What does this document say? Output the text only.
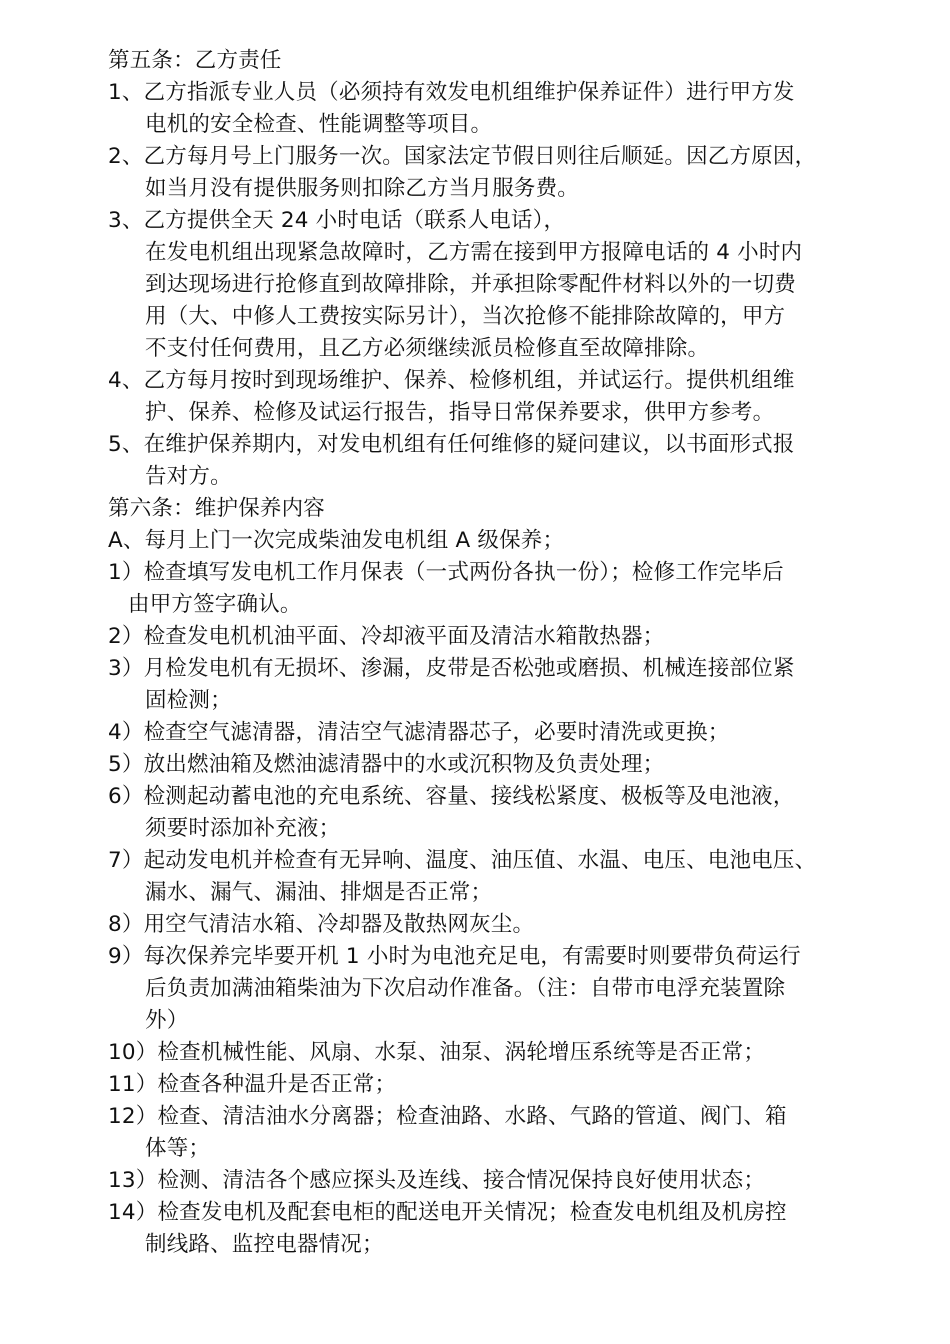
第五条：乙方责任
1、乙方指派专业人员（必须持有效发电机组维护保养证件）进行甲方发
电机的安全检查、性能调整等项目。
2、乙方每月号上门服务一次。国家法定节假日则往后顺延。因乙方原因，
如当月没有提供服务则扣除乙方当月服务费。
3、乙方提供全天 24 小时电话（联系人电话），
在发电机组出现紧急故障时，乙方需在接到甲方报障电话的 4 小时内
到达现场进行抢修直到故障排除，并承担除零配件材料以外的一切费
用（大、中修人工费按实际另计），当次抢修不能排除故障的，甲方
不支付任何费用，且乙方必须继续派员检修直至故障排除。
4、乙方每月按时到现场维护、保养、检修机组，并试运行。提供机组维
护、保养、检修及试运行报告，指导日常保养要求，供甲方参考。
5、在维护保养期内，对发电机组有任何维修的疑问建议，以书面形式报
告对方。
第六条：维护保养内容
A、每月上门一次完成柴油发电机组 A 级保养；
1）检查填写发电机工作月保表（一式两份各执一份）；检修工作完毕后
由甲方签字确认。
2）检查发电机机油平面、冷却液平面及清洁水箱散热器；
3）月检发电机有无损坏、渗漏，皮带是否松弛或磨损、机械连接部位紧
固检测；
4）检查空气滤清器，清洁空气滤清器芯子，必要时清洗或更换；
5）放出燃油箱及燃油滤清器中的水或沉积物及负责处理；
6）检测起动蓄电池的充电系统、容量、接线松紧度、极板等及电池液，
须要时添加补充液；
7）起动发电机并检查有无异响、温度、油压值、水温、电压、电池电压、
漏水、漏气、漏油、排烟是否正常；
8）用空气清洁水箱、冷却器及散热网灰尘。
9）每次保养完毕要开机 1 小时为电池充足电，有需要时则要带负荷运行
后负责加满油箱柴油为下次启动作准备。（注：自带市电浮充装置除
外）
10）检查机械性能、风扇、水泵、油泵、涡轮增压系统等是否正常；
11）检查各种温升是否正常；
12）检查、清洁油水分离器；检查油路、水路、气路的管道、阀门、箱
体等；
13）检测、清洁各个感应探头及连线、接合情况保持良好使用状态；
14）检查发电机及配套电柜的配送电开关情况；检查发电机组及机房控
制线路、监控电器情况；
